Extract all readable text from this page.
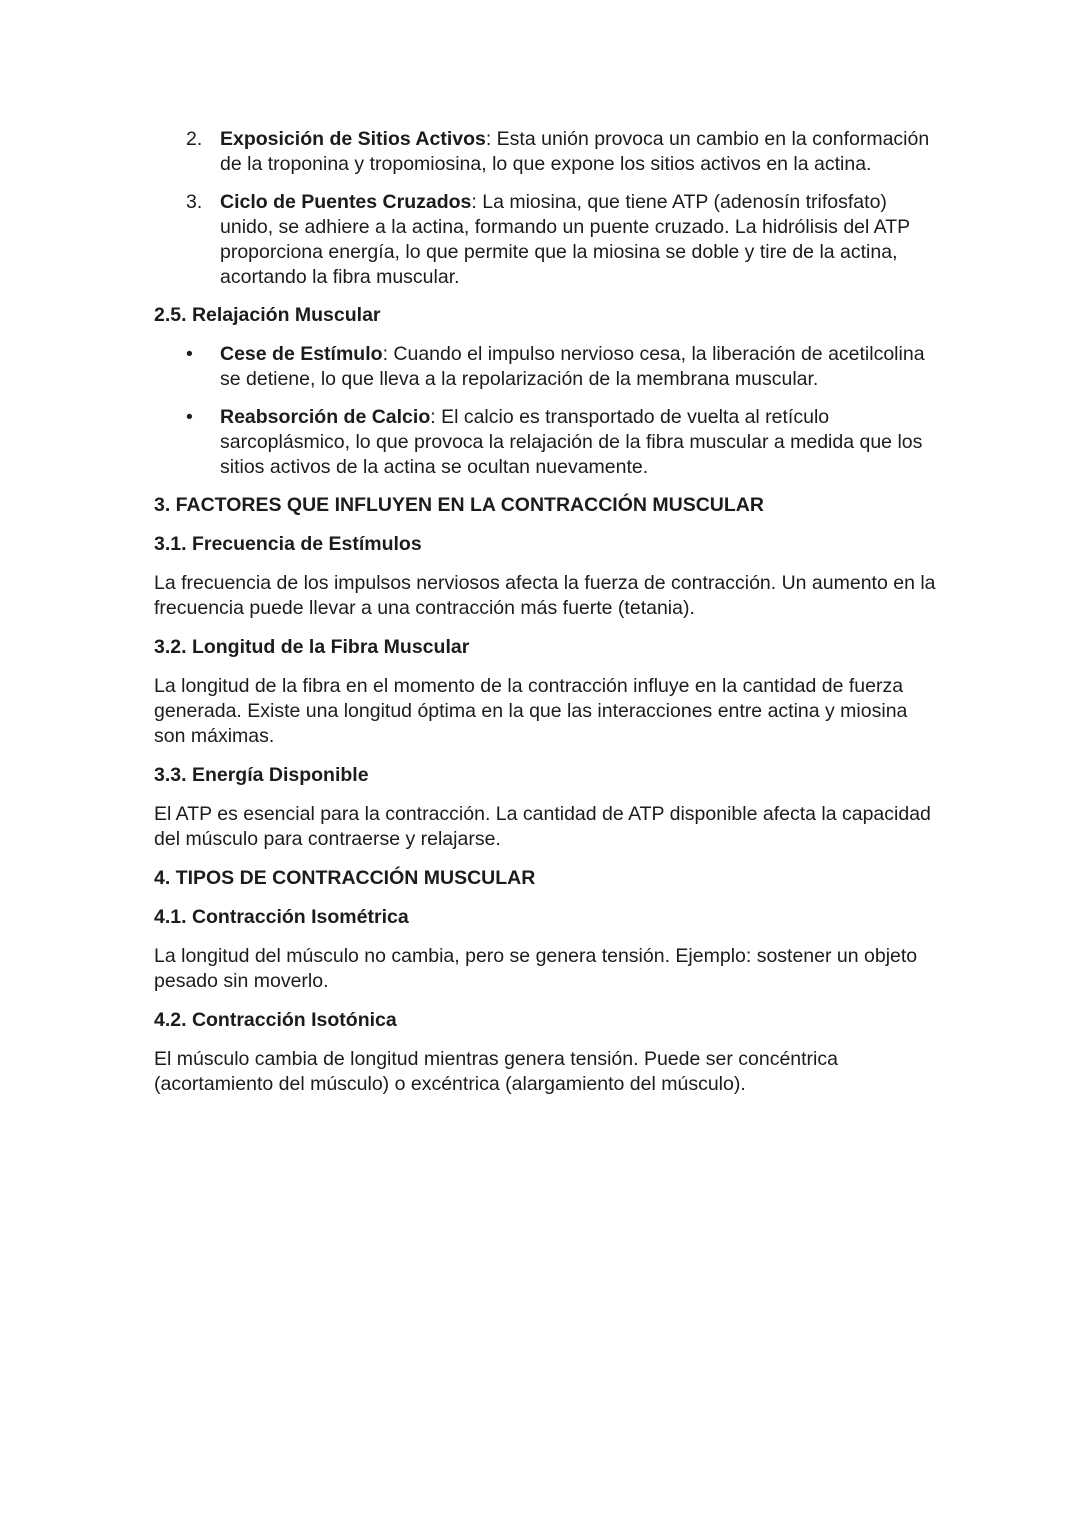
2. Exposición de Sitios Activos: Esta unión provoca un cambio en la conformación de la troponina y tropomiosina, lo que expone los sitios activos en la actina.
3. Ciclo de Puentes Cruzados: La miosina, que tiene ATP (adenosín trifosfato) unido, se adhiere a la actina, formando un puente cruzado. La hidrólisis del ATP proporciona energía, lo que permite que la miosina se doble y tire de la actina, acortando la fibra muscular.
2.5. Relajación Muscular
•	Cese de Estímulo: Cuando el impulso nervioso cesa, la liberación de acetilcolina se detiene, lo que lleva a la repolarización de la membrana muscular.
•	Reabsorción de Calcio: El calcio es transportado de vuelta al retículo sarcoplásmico, lo que provoca la relajación de la fibra muscular a medida que los sitios activos de la actina se ocultan nuevamente.
3. FACTORES QUE INFLUYEN EN LA CONTRACCIÓN MUSCULAR
3.1. Frecuencia de Estímulos
La frecuencia de los impulsos nerviosos afecta la fuerza de contracción. Un aumento en la frecuencia puede llevar a una contracción más fuerte (tetania).
3.2. Longitud de la Fibra Muscular
La longitud de la fibra en el momento de la contracción influye en la cantidad de fuerza generada. Existe una longitud óptima en la que las interacciones entre actina y miosina son máximas.
3.3. Energía Disponible
El ATP es esencial para la contracción. La cantidad de ATP disponible afecta la capacidad del músculo para contraerse y relajarse.
4. TIPOS DE CONTRACCIÓN MUSCULAR
4.1. Contracción Isométrica
La longitud del músculo no cambia, pero se genera tensión. Ejemplo: sostener un objeto pesado sin moverlo.
4.2. Contracción Isotónica
El músculo cambia de longitud mientras genera tensión. Puede ser concéntrica (acortamiento del músculo) o excéntrica (alargamiento del músculo).
